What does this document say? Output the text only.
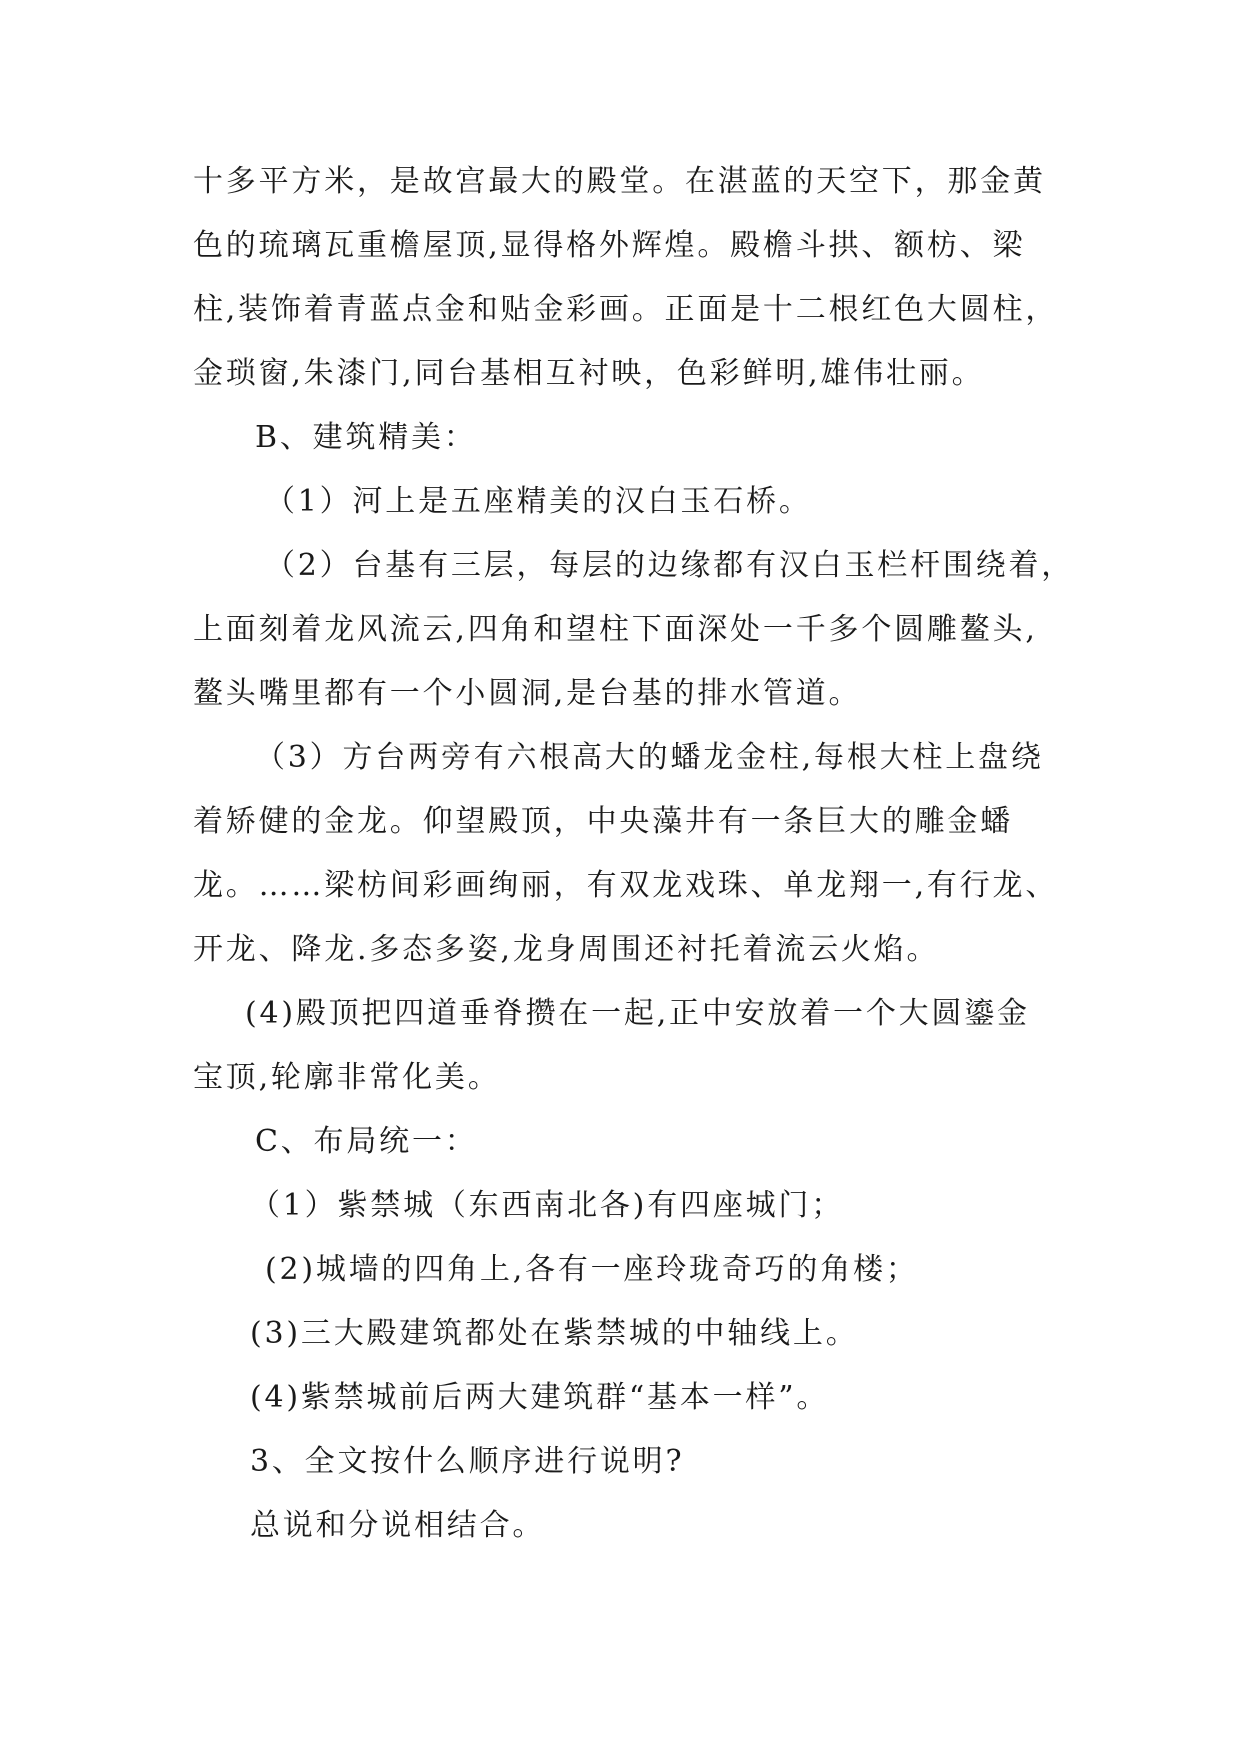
十多平方米，是故宫最大的殿堂。在湛蓝的天空下，那金黄
色的琉璃瓦重檐屋顶,显得格外辉煌。殿檐斗拱、额枋、梁
柱,装饰着青蓝点金和贴金彩画。正面是十二根红色大圆柱，
金琐窗,朱漆门,同台基相互衬映，色彩鲜明,雄伟壮丽。
B、建筑精美：
（1）河上是五座精美的汉白玉石桥。
（2）台基有三层，每层的边缘都有汉白玉栏杆围绕着，
上面刻着龙风流云,四角和望柱下面深处一千多个圆雕鳌头,
鳌头嘴里都有一个小圆洞,是台基的排水管道。
（3）方台两旁有六根高大的蟠龙金柱,每根大柱上盘绕
着矫健的金龙。仰望殿顶，中央藻井有一条巨大的雕金蟠
龙。……梁枋间彩画绚丽，有双龙戏珠、单龙翔一,有行龙、
开龙、降龙.多态多姿,龙身周围还衬托着流云火焰。
(4)殿顶把四道垂脊攒在一起,正中安放着一个大圆鎏金
宝顶,轮廓非常化美。
C、布局统一：
（1）紫禁城（东西南北各)有四座城门；
(2)城墙的四角上,各有一座玲珑奇巧的角楼；
(3)三大殿建筑都处在紫禁城的中轴线上。
(4)紫禁城前后两大建筑群“基本一样”。
3、全文按什么顺序进行说明?
总说和分说相结合。
